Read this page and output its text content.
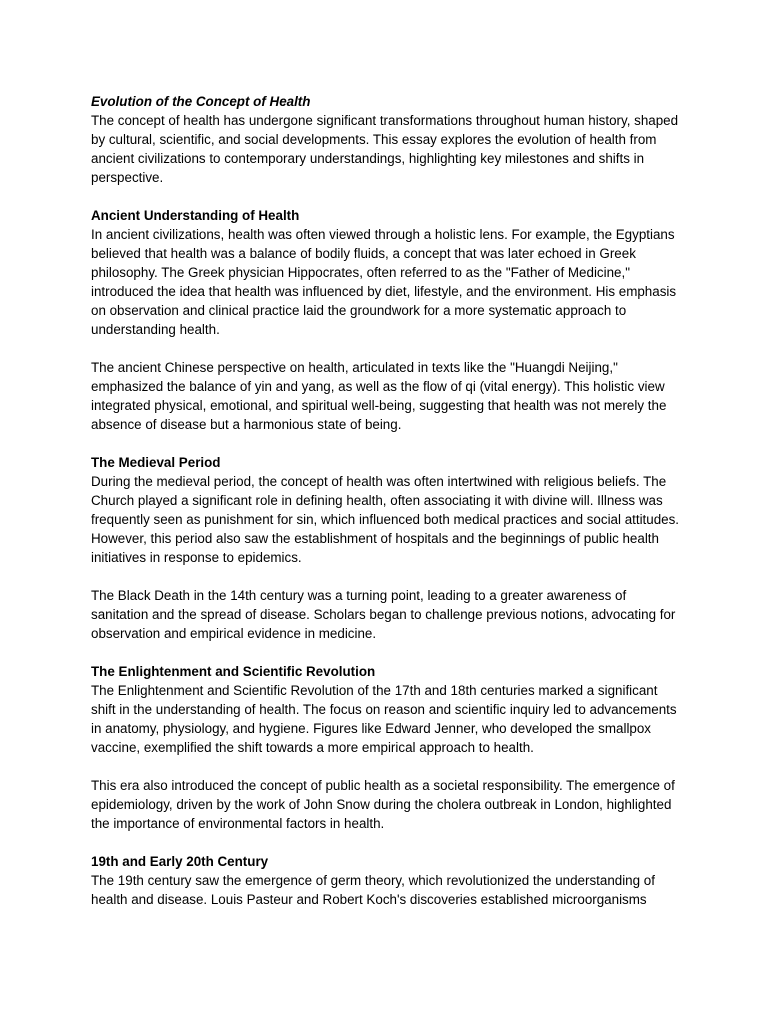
Evolution of the Concept of Health

The concept of health has undergone significant transformations throughout human history, shaped by cultural, scientific, and social developments. This essay explores the evolution of health from ancient civilizations to contemporary understandings, highlighting key milestones and shifts in perspective.

Ancient Understanding of Health

In ancient civilizations, health was often viewed through a holistic lens. For example, the Egyptians believed that health was a balance of bodily fluids, a concept that was later echoed in Greek philosophy. The Greek physician Hippocrates, often referred to as the "Father of Medicine," introduced the idea that health was influenced by diet, lifestyle, and the environment. His emphasis on observation and clinical practice laid the groundwork for a more systematic approach to understanding health.

The ancient Chinese perspective on health, articulated in texts like the "Huangdi Neijing," emphasized the balance of yin and yang, as well as the flow of qi (vital energy). This holistic view integrated physical, emotional, and spiritual well-being, suggesting that health was not merely the absence of disease but a harmonious state of being.

The Medieval Period

During the medieval period, the concept of health was often intertwined with religious beliefs. The Church played a significant role in defining health, often associating it with divine will. Illness was frequently seen as punishment for sin, which influenced both medical practices and social attitudes. However, this period also saw the establishment of hospitals and the beginnings of public health initiatives in response to epidemics.

The Black Death in the 14th century was a turning point, leading to a greater awareness of sanitation and the spread of disease. Scholars began to challenge previous notions, advocating for observation and empirical evidence in medicine.

The Enlightenment and Scientific Revolution

The Enlightenment and Scientific Revolution of the 17th and 18th centuries marked a significant shift in the understanding of health. The focus on reason and scientific inquiry led to advancements in anatomy, physiology, and hygiene. Figures like Edward Jenner, who developed the smallpox vaccine, exemplified the shift towards a more empirical approach to health.

This era also introduced the concept of public health as a societal responsibility. The emergence of epidemiology, driven by the work of John Snow during the cholera outbreak in London, highlighted the importance of environmental factors in health.

19th and Early 20th Century

The 19th century saw the emergence of germ theory, which revolutionized the understanding of health and disease. Louis Pasteur and Robert Koch's discoveries established microorganisms
